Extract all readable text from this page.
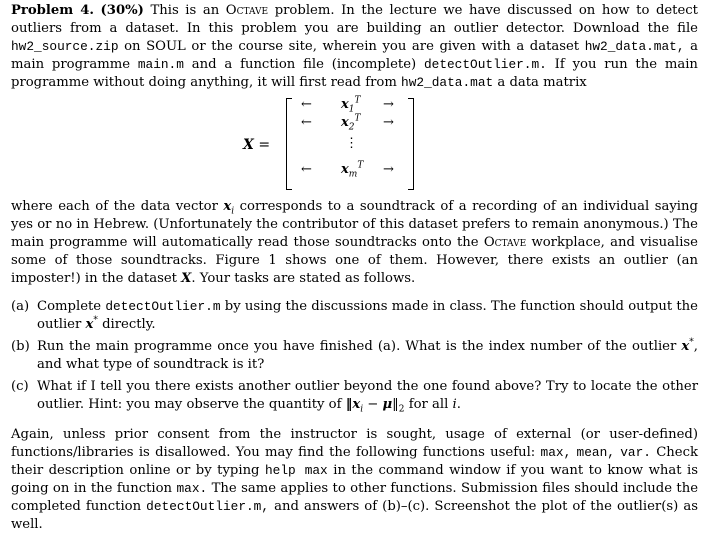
Problem 4. (30%) This is an Octave problem. In the lecture we have discussed on how to detect outliers from a dataset. In this problem you are building an outlier detector. Download the file hw2_source.zip on SOUL or the course site, wherein you are given with a dataset hw2_data.mat, a main programme main.m and a function file (incomplete) detectOutlier.m. If you run the main programme without doing anything, it will first read from hw2_data.mat a data matrix

X =
← $x_1^T$ →
← $x_2^T$ →
⋮
← $x_m^T$ →

where each of the data vector $x_i$ corresponds to a soundtrack of a recording of an individual saying yes or no in Hebrew. (Unfortunately the contributor of this dataset prefers to remain anonymous.) The main programme will automatically read those soundtracks onto the Octave workplace, and visualise some of those soundtracks. Figure 1 shows one of them. However, there exists an outlier (an imposter!) in the dataset X. Your tasks are stated as follows.

(a) Complete detectOutlier.m by using the discussions made in class. The function should output the outlier x* directly.

(b) Run the main programme once you have finished (a). What is the index number of the outlier x*, and what type of soundtrack is it?

(c) What if I tell you there exists another outlier beyond the one found above? Try to locate the other outlier. Hint: you may observe the quantity of $‖x_i$ − $\mu‖_2$ for all i.

Again, unless prior consent from the instructor is sought, usage of external (or user-defined) functions/libraries is disallowed. You may find the following functions useful: max, mean, var. Check their description online or by typing help max in the command window if you want to know what is going on in the function max. The same applies to other functions. Submission files should include the completed function detectOutlier.m, and answers of (b)–(c). Screenshot the plot of the outlier(s) as well.
